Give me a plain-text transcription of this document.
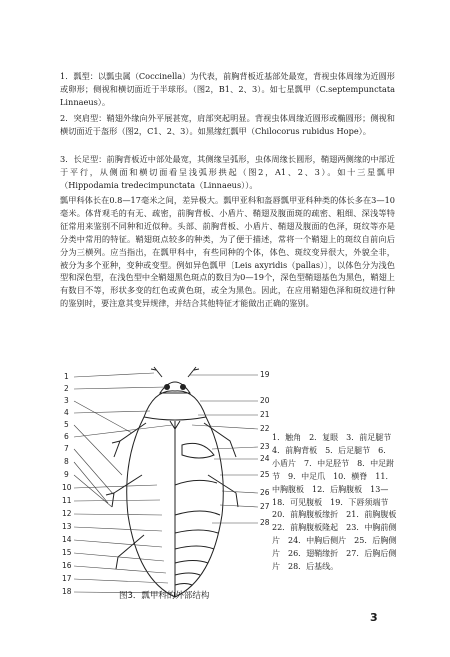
1．瓢型：以瓢虫属（Coccinella）为代表，前胸背板近基部处最宽，背视虫体周缘为近圆形或卵形；侧视和横切面近于半球形。（图2，B1、2、3）。如七星瓢甲（C.septempunctata Linnaeus）。

2．突肩型：鞘翅外缘向外平展甚宽，肩部突起明显。背视虫体周缘近圆形或椭圆形；侧视和横切面近于盔形（图2，C1、2、3）。如黑缘红瓢甲（Chilocorus rubidus Hope）。

3．长足型：前胸背板近中部处最宽，其侧缘呈弧形，虫体周缘长圆形，鞘翅两侧缘的中部近于平行，从侧面和横切面看呈浅弧形拱起（图2，A1、2、3）。如十三星瓢甲（Hippodamia tredecimpunctata（Linnaeus））。

瓢甲科体长在0.8—17毫米之间，差异极大。瓢甲亚科和盔唇瓢甲亚科种类的体长多在3—10毫米。体背观毛的有无、疏密，前胸背板、小盾片、鞘翅及腹面斑的疏密、粗细、深浅等特征常用来鉴别不同种和近似种。头部、前胸背板、小盾片、鞘翅及腹面的色泽，斑纹等亦是分类中常用的特征。鞘翅斑点较多的种类，为了便于描述，常将一个鞘翅上的斑纹自前向后分为三横列。应当指出，在瓢甲科中，有些同种的个体，体色、斑纹变异很大，外貌全非，被分为多个亚种，变种或变型。例如异色瓢甲〔Leis axyridis（pallas）〕，以体色分为浅色型和深色型，在浅色型中全鞘翅黑色斑点的数目为0—19个，深色型鞘翅基色为黑色，鞘翅上有数目不等，形状多变的红色或黄色斑，或全为黑色。因此，在应用鞘翅色泽和斑纹进行种的鉴别时，要注意其变异规律，并结合其他特征才能做出正确的鉴别。

1
2
3
4
5
6
7
8
9
10
11
12
13
14
15
16
17
18
19
20
21
22
23
24
25
26
27
28

1．触角　2．复眼　3．前足腿节　4．前胸背板　5．后足腿节　6．小盾片　7．中足胫节　8．中足跗节　9．中足爪　10．横脊　11．中胸腹板　12．后胸腹板　13—18．可见腹板　19．下唇须端节　20．前胸腹板缘折　21．前胸腹板　22．前胸腹板隆起　23．中胸前侧片　24．中胸后侧片　25．后胸侧片　26．翅鞘缘折　27．后胸后侧片　28．后基线。

图3．瓢甲科的外部结构
3
